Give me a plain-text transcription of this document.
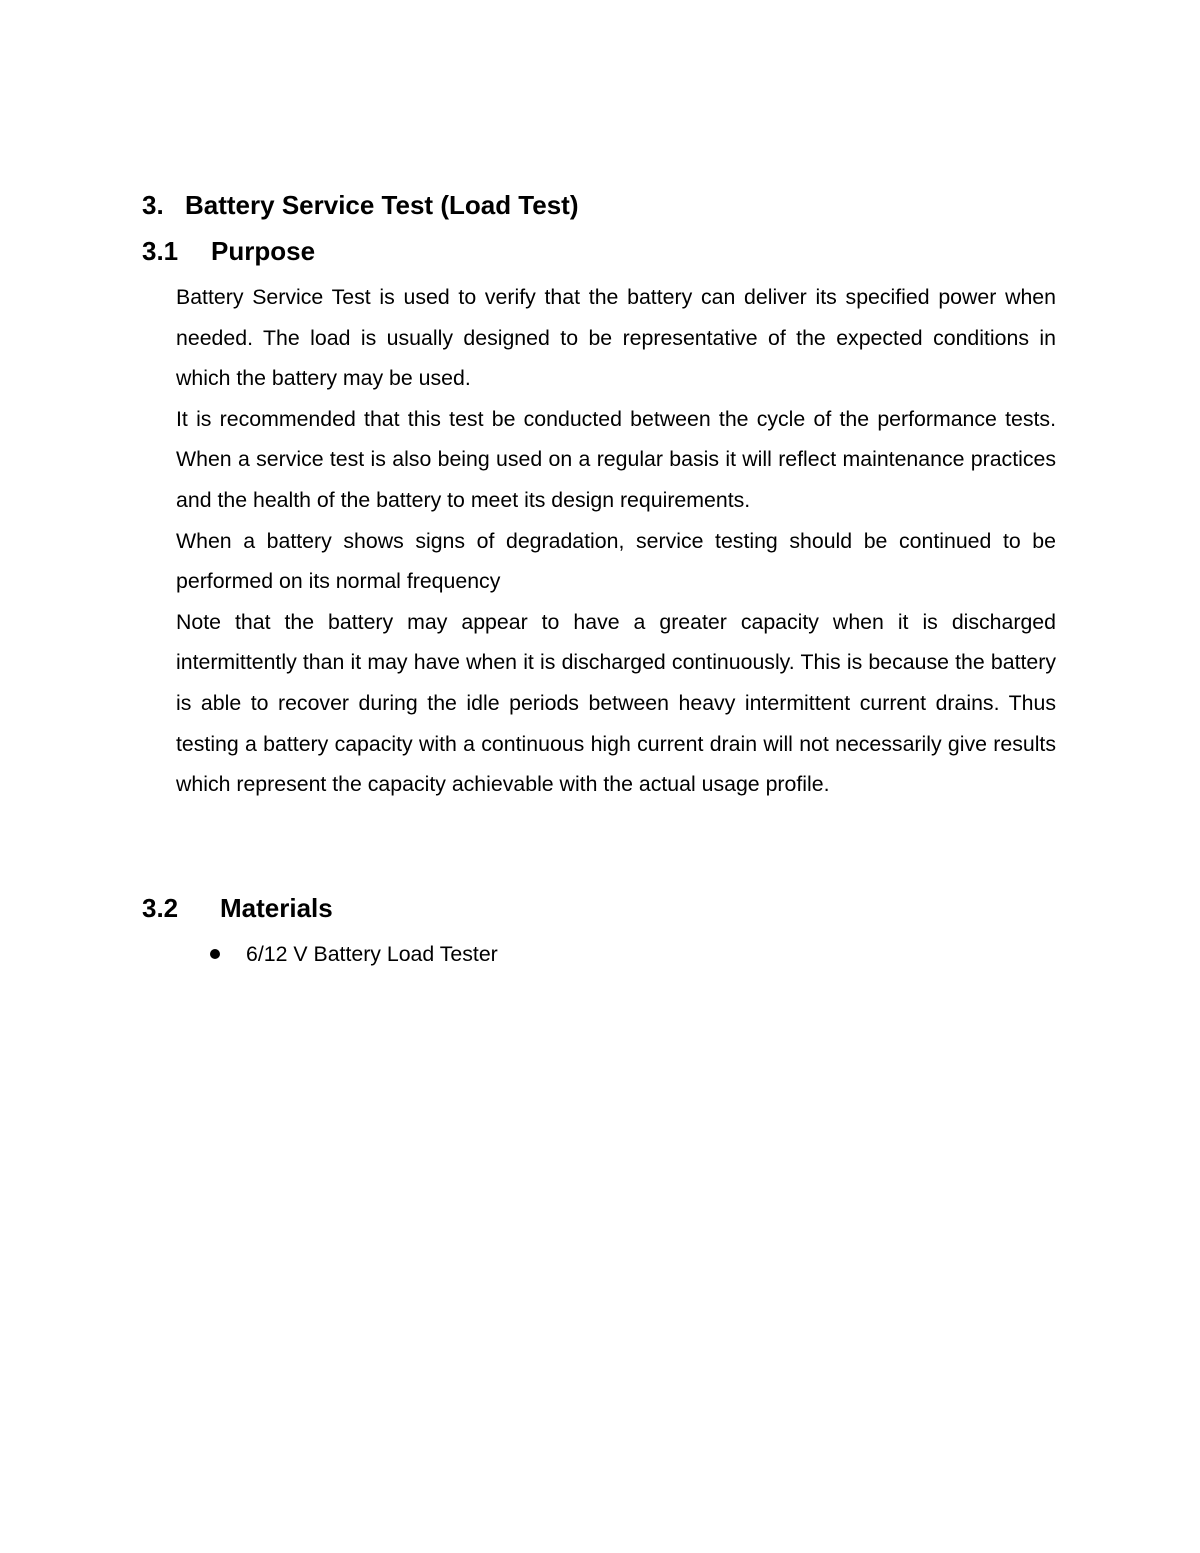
3. Battery Service Test (Load Test)
3.1 Purpose

Battery Service Test is used to verify that the battery can deliver its specified power when needed. The load is usually designed to be representative of the expected conditions in which the battery may be used.

It is recommended that this test be conducted between the cycle of the performance tests. When a service test is also being used on a regular basis it will reflect maintenance practices and the health of the battery to meet its design requirements.

When a battery shows signs of degradation, service testing should be continued to be performed on its normal frequency

Note that the battery may appear to have a greater capacity when it is discharged intermittently than it may have when it is discharged continuously. This is because the battery is able to recover during the idle periods between heavy intermittent current drains. Thus testing a battery capacity with a continuous high current drain will not necessarily give results which represent the capacity achievable with the actual usage profile.

3.2 Materials
6/12 V Battery Load Tester
